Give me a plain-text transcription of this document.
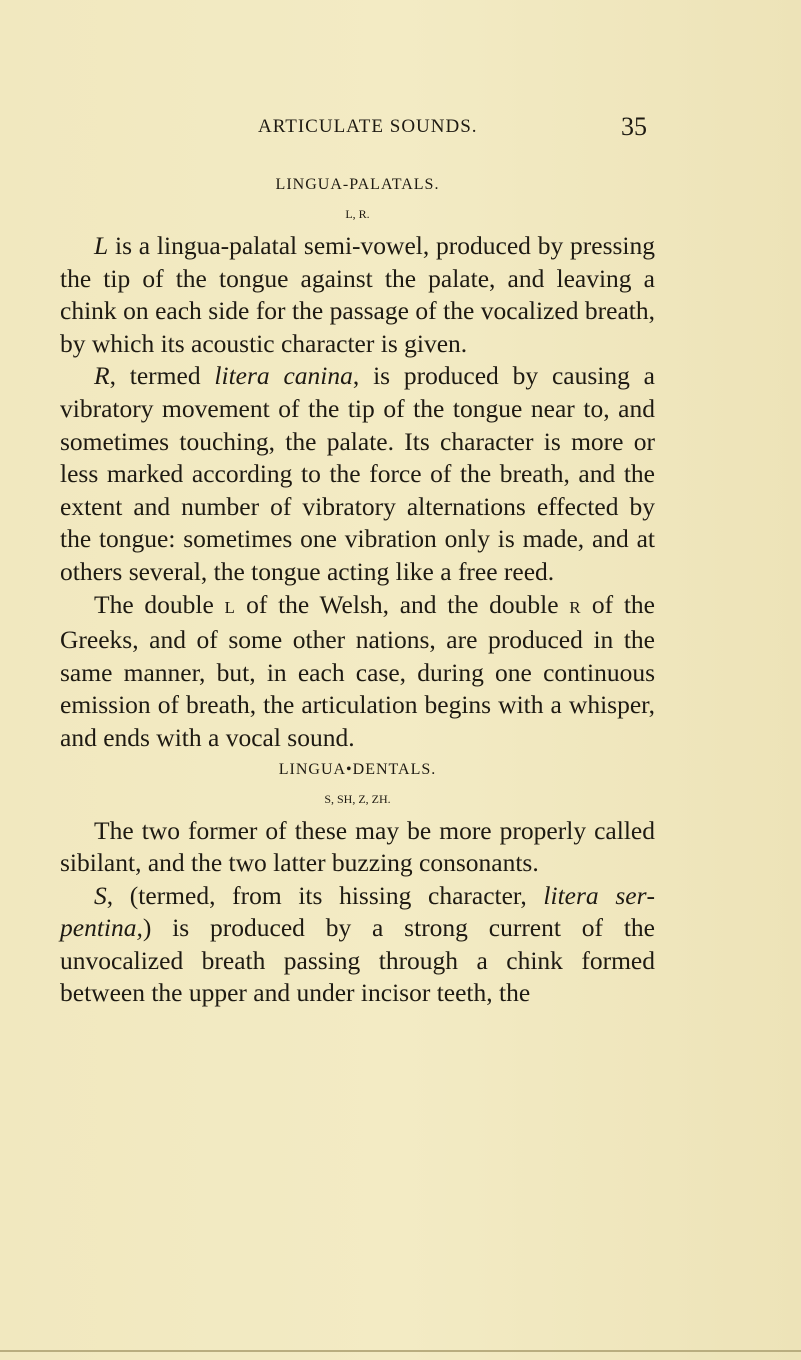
ARTICULATE SOUNDS.	35
LINGUA-PALATALS.
L, R.

L is a lingua-palatal semi-vowel, produced by pressing the tip of the tongue against the palate, and leaving a chink on each side for the passage of the vocalized breath, by which its acoustic character is given.

R, termed litera canina, is produced by causing a vibratory movement of the tip of the tongue near to, and sometimes touching, the palate. Its character is more or less marked according to the force of the breath, and the extent and number of vibratory alternations effected by the tongue: sometimes one vibration only is made, and at others several, the tongue acting like a free reed.

The double L of the Welsh, and the double R of the Greeks, and of some other nations, are produced in the same manner, but, in each case, during one continuous emission of breath, the articulation begins with a whisper, and ends with a vocal sound.

LINGUA•DENTALS.
S, SH, Z, ZH.

The two former of these may be more properly called sibilant, and the two latter buzzing consonants.

S, (termed, from its hissing character, litera serpentina,) is produced by a strong current of the unvocalized breath passing through a chink formed between the upper and under incisor teeth, the
